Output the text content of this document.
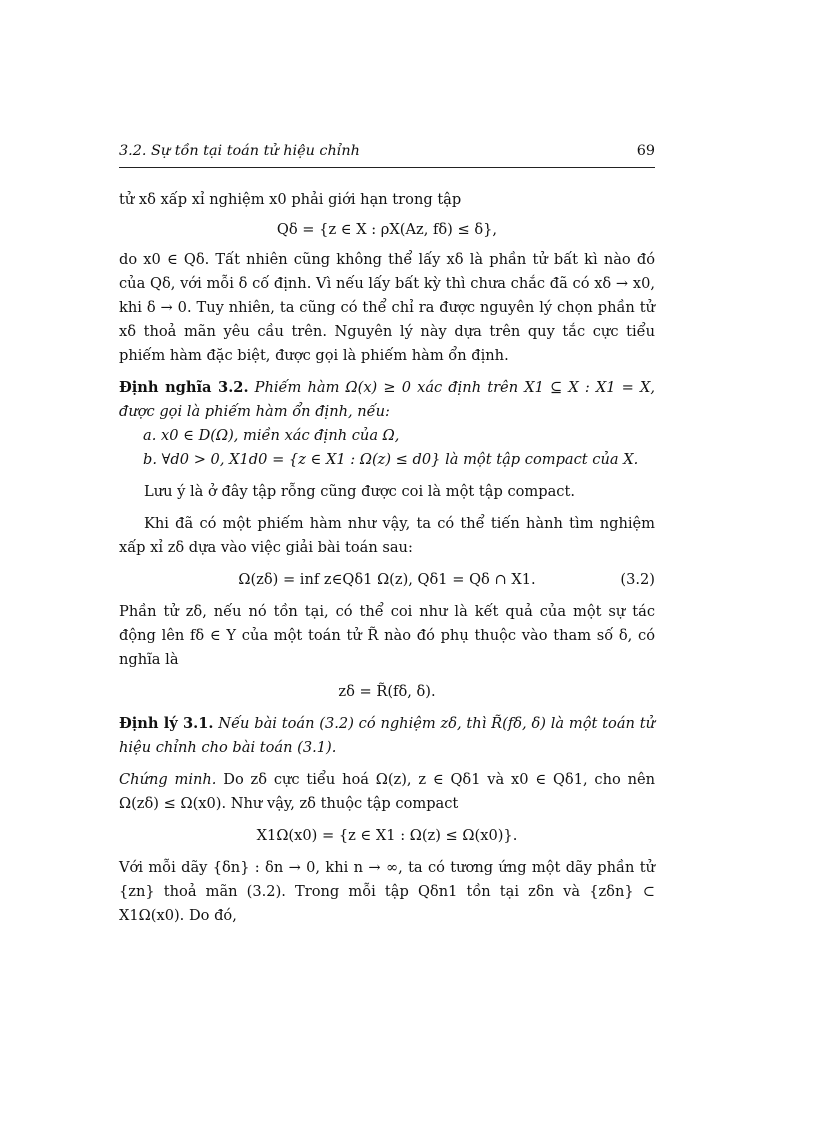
3.2. Sự tồn tại toán tử hiệu chỉnh	69

tử xδ xấp xỉ nghiệm x0 phải giới hạn trong tập

Qδ = {z ∈ X : ρX(Az, fδ) ≤ δ},

do x0 ∈ Qδ. Tất nhiên cũng không thể lấy xδ là phần tử bất kì nào đó của Qδ, với mỗi δ cố định. Vì nếu lấy bất kỳ thì chưa chắc đã có xδ → x0, khi δ → 0. Tuy nhiên, ta cũng có thể chỉ ra được nguyên lý chọn phần tử xδ thoả mãn yêu cầu trên. Nguyên lý này dựa trên quy tắc cực tiểu phiếm hàm đặc biệt, được gọi là phiếm hàm ổn định.

Định nghĩa 3.2. Phiếm hàm Ω(x) ≥ 0 xác định trên X1 ⊆ X : X1 = X, được gọi là phiếm hàm ổn định, nếu:

a. x0 ∈ D(Ω), miền xác định của Ω,
b. ∀d0 > 0, X1d0 = {z ∈ X1 : Ω(z) ≤ d0} là một tập compact của X.

Lưu ý là ở đây tập rỗng cũng được coi là một tập compact.

Khi đã có một phiếm hàm như vậy, ta có thể tiến hành tìm nghiệm xấp xỉ zδ dựa vào việc giải bài toán sau:

Ω(zδ) = inf z∈Qδ1 Ω(z), Qδ1 = Qδ ∩ X1.	(3.2)

Phần tử zδ, nếu nó tồn tại, có thể coi như là kết quả của một sự tác động lên fδ ∈ Y của một toán tử R̃ nào đó phụ thuộc vào tham số δ, có nghĩa là

zδ = R̃(fδ, δ).

Định lý 3.1. Nếu bài toán (3.2) có nghiệm zδ, thì R̃(fδ, δ) là một toán tử hiệu chỉnh cho bài toán (3.1).

Chứng minh. Do zδ cực tiểu hoá Ω(z), z ∈ Qδ1 và x0 ∈ Qδ1, cho nên Ω(zδ) ≤ Ω(x0). Như vậy, zδ thuộc tập compact

X1Ω(x0) = {z ∈ X1 : Ω(z) ≤ Ω(x0)}.

Với mỗi dãy {δn} : δn → 0, khi n → ∞, ta có tương ứng một dãy phần tử {zn} thoả mãn (3.2). Trong mỗi tập Qδn1 tồn tại zδn và {zδn} ⊂ X1Ω(x0). Do đó,
